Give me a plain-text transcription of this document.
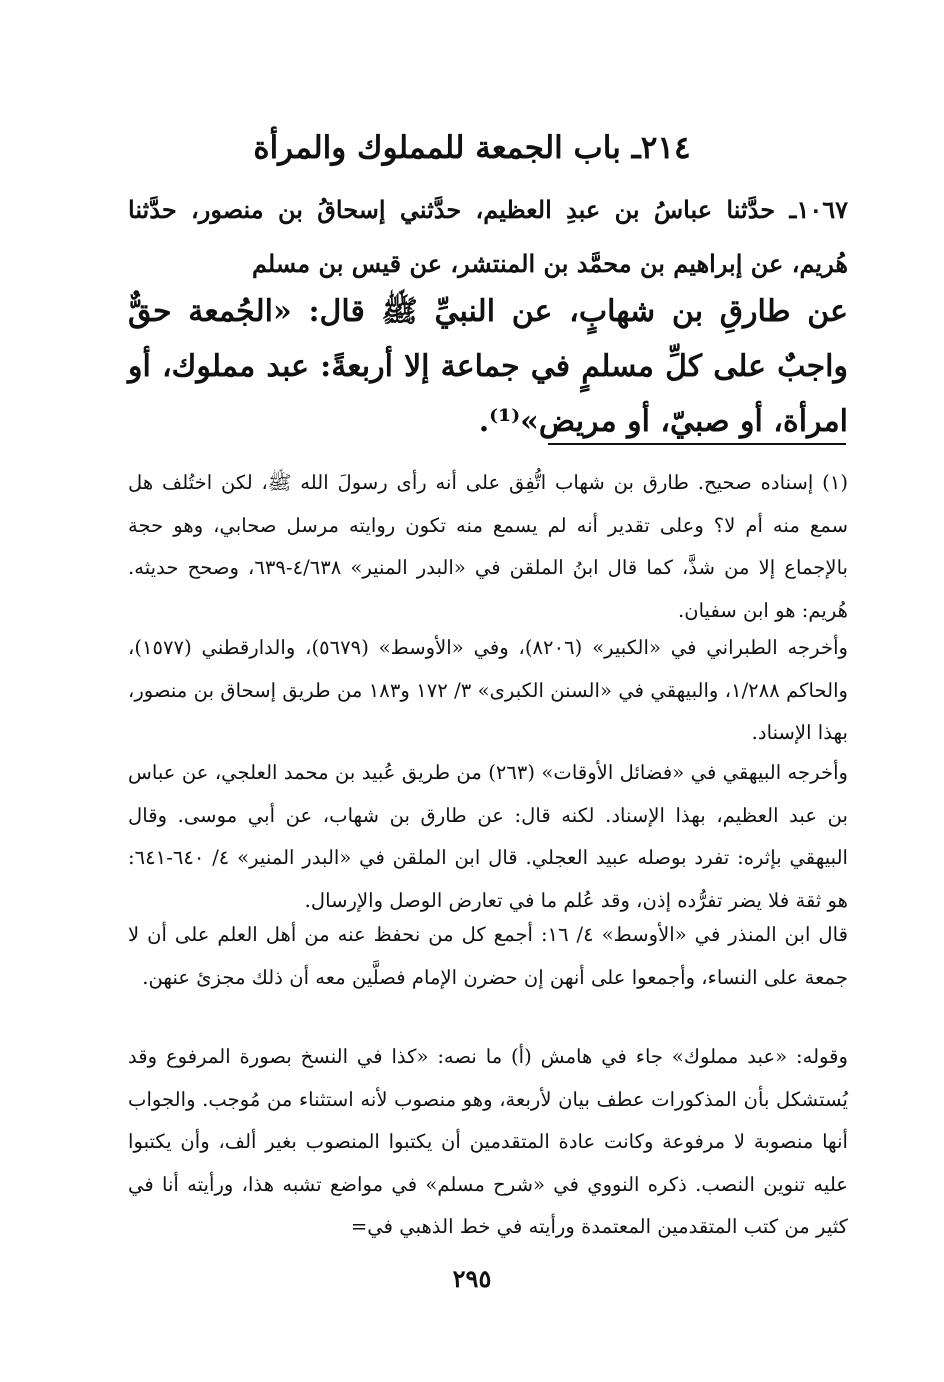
٢١٤ـ باب الجمعة للمملوك والمرأة

١٠٦٧ـ حدَّثنا عباسُ بن عبدِ العظيم، حدَّثني إسحاقُ بن منصور، حدَّثنا هُريم، عن إبراهيم بن محمَّد بن المنتشر، عن قيس بن مسلم

عن طارقِ بن شهابٍ، عن النبيِّ ﷺ قال: «الجُمعة حقٌّ واجبٌ على كلِّ مسلمٍ في جماعة إلا أربعةً: عبد مملوك، أو امرأة، أو صبيّ، أو مريض»⁽¹⁾.

(١) إسناده صحيح. طارق بن شهاب اتُّفِق على أنه رأى رسولَ الله ﷺ، لكن اختُلف هل سمع منه أم لا؟ وعلى تقدير أنه لم يسمع منه تكون روايته مرسل صحابي، وهو حجة بالإجماع إلا من شذَّ، كما قال ابنُ الملقن في «البدر المنير» ٤/٦٣٨-٦٣٩، وصحح حديثه. هُريم: هو ابن سفيان.

وأخرجه الطبراني في «الكبير» (٨٢٠٦)، وفي «الأوسط» (٥٦٧٩)، والدارقطني (١٥٧٧)، والحاكم ١/٢٨٨، والبيهقي في «السنن الكبرى» ٣/ ١٧٢ و١٨٣ من طريق إسحاق بن منصور، بهذا الإسناد.

وأخرجه البيهقي في «فضائل الأوقات» (٢٦٣) من طريق عُبيد بن محمد العلجي، عن عباس بن عبد العظيم، بهذا الإسناد. لكنه قال: عن طارق بن شهاب، عن أبي موسى. وقال البيهقي بإثره: تفرد بوصله عبيد العجلي. قال ابن الملقن في «البدر المنير» ٤/ ٦٤٠-٦٤١: هو ثقة فلا يضر تفرُّده إذن، وقد عُلم ما في تعارض الوصل والإرسال.

قال ابن المنذر في «الأوسط» ٤/ ١٦: أجمع كل من نحفظ عنه من أهل العلم على أن لا جمعة على النساء، وأجمعوا على أنهن إن حضرن الإمام فصلَّين معه أن ذلك مجزئ عنهن.

وقوله: «عبد مملوك» جاء في هامش (أ) ما نصه: «كذا في النسخ بصورة المرفوع وقد يُستشكل بأن المذكورات عطف بيان لأربعة، وهو منصوب لأنه استثناء من مُوجب. والجواب أنها منصوبة لا مرفوعة وكانت عادة المتقدمين أن يكتبوا المنصوب بغير ألف، وأن يكتبوا عليه تنوين النصب. ذكره النووي في «شرح مسلم» في مواضع تشبه هذا، ورأيته أنا في كثير من كتب المتقدمين المعتمدة ورأيته في خط الذهبي في=

٢٩٥
